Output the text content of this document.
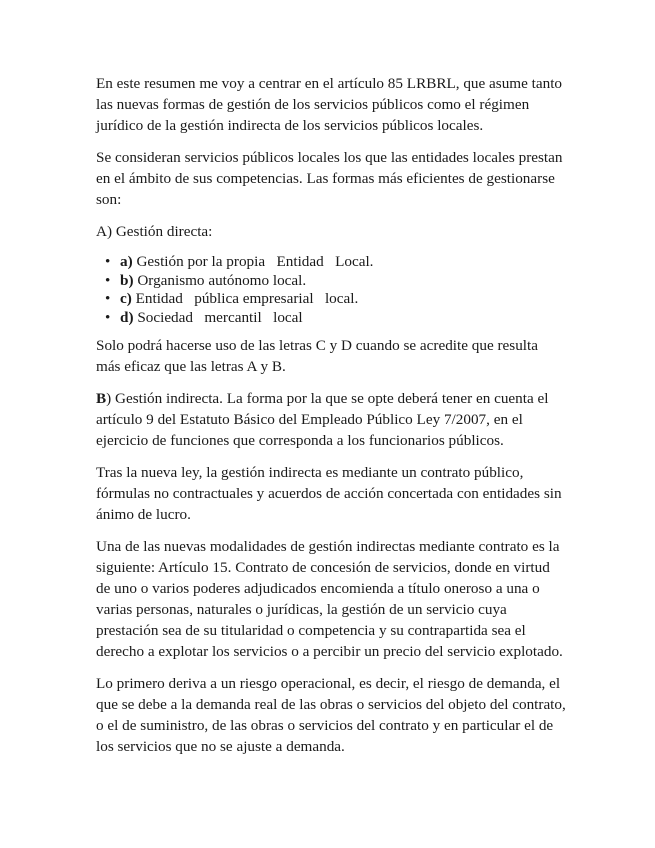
En este resumen me voy a centrar en el artículo 85 LRBRL, que asume tanto las nuevas formas de gestión de los servicios públicos como el régimen jurídico de la gestión indirecta de los servicios públicos locales.

Se consideran servicios públicos locales los que las entidades locales prestan en el ámbito de sus competencias. Las formas más eficientes de gestionarse son:

A) Gestión directa:

• a) Gestión por la propia   Entidad   Local.
• b) Organismo autónomo local.
• c) Entidad   pública empresarial   local.
• d) Sociedad   mercantil   local

Solo podrá hacerse uso de las letras C y D cuando se acredite que resulta más eficaz que las letras A y B.

B) Gestión indirecta. La forma por la que se opte deberá tener en cuenta el artículo 9 del Estatuto Básico del Empleado Público Ley 7/2007, en el ejercicio de funciones que corresponda a los funcionarios públicos.

Tras la nueva ley, la gestión indirecta es mediante un contrato público, fórmulas no contractuales y acuerdos de acción concertada con entidades sin ánimo de lucro.

Una de las nuevas modalidades de gestión indirectas mediante contrato es la siguiente: Artículo 15. Contrato de concesión de servicios, donde en virtud de uno o varios poderes adjudicados encomienda a título oneroso a una o varias personas, naturales o jurídicas, la gestión de un servicio cuya prestación sea de su titularidad o competencia y su contrapartida sea el derecho a explotar los servicios o a percibir un precio del servicio explotado.

Lo primero deriva a un riesgo operacional, es decir, el riesgo de demanda, el que se debe a la demanda real de las obras o servicios del objeto del contrato, o el de suministro, de las obras o servicios del contrato y en particular el de los servicios que no se ajuste a demanda.
